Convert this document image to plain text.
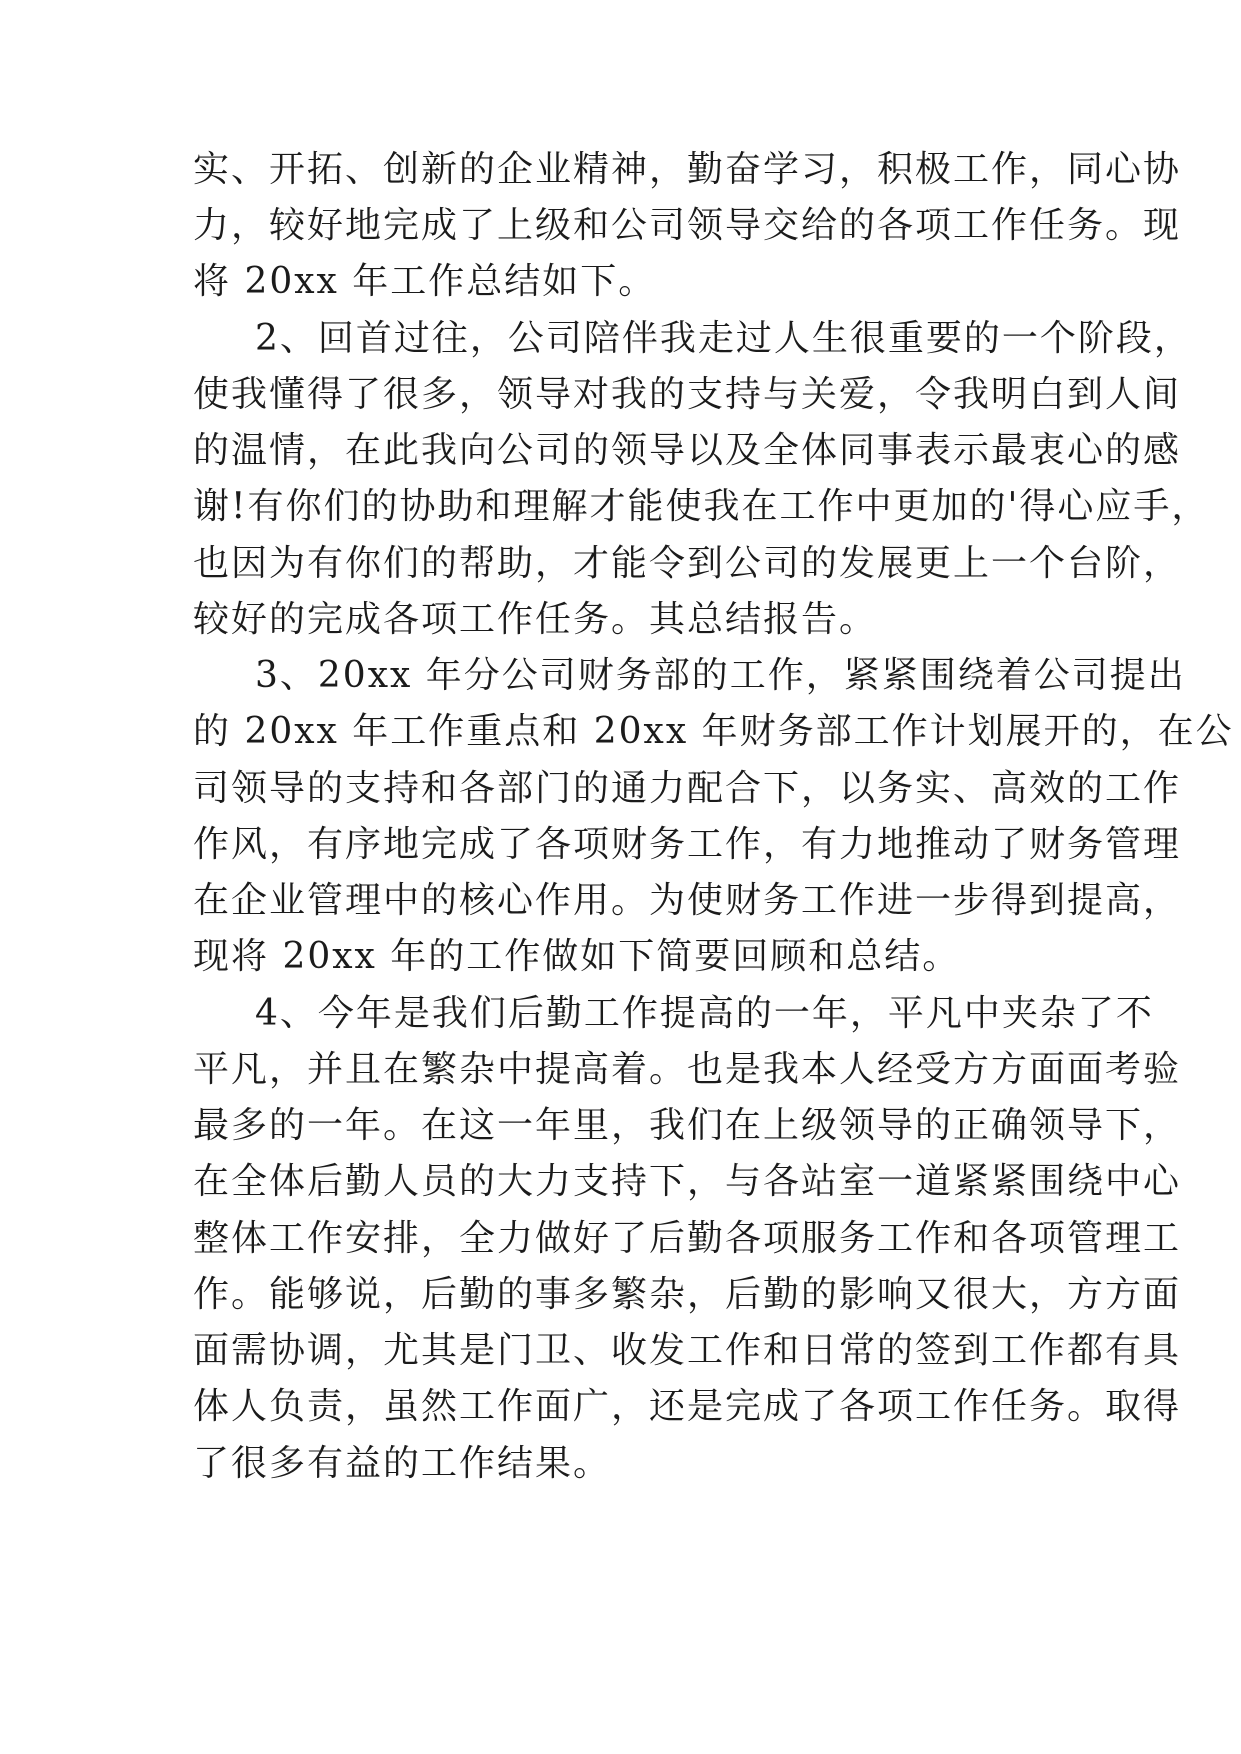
实、开拓、创新的企业精神，勤奋学习，积极工作，同心协
力，较好地完成了上级和公司领导交给的各项工作任务。现
将 20xx 年工作总结如下。
2、回首过往，公司陪伴我走过人生很重要的一个阶段，
使我懂得了很多，领导对我的支持与关爱，令我明白到人间
的温情，在此我向公司的领导以及全体同事表示最衷心的感
谢!有你们的协助和理解才能使我在工作中更加的'得心应手，
也因为有你们的帮助，才能令到公司的发展更上一个台阶，
较好的完成各项工作任务。其总结报告。
3、20xx 年分公司财务部的工作，紧紧围绕着公司提出
的 20xx 年工作重点和 20xx 年财务部工作计划展开的，在公
司领导的支持和各部门的通力配合下，以务实、高效的工作
作风，有序地完成了各项财务工作，有力地推动了财务管理
在企业管理中的核心作用。为使财务工作进一步得到提高，
现将 20xx 年的工作做如下简要回顾和总结。
4、今年是我们后勤工作提高的一年，平凡中夹杂了不
平凡，并且在繁杂中提高着。也是我本人经受方方面面考验
最多的一年。在这一年里，我们在上级领导的正确领导下，
在全体后勤人员的大力支持下，与各站室一道紧紧围绕中心
整体工作安排，全力做好了后勤各项服务工作和各项管理工
作。能够说，后勤的事多繁杂，后勤的影响又很大，方方面
面需协调，尤其是门卫、收发工作和日常的签到工作都有具
体人负责，虽然工作面广，还是完成了各项工作任务。取得
了很多有益的工作结果。
